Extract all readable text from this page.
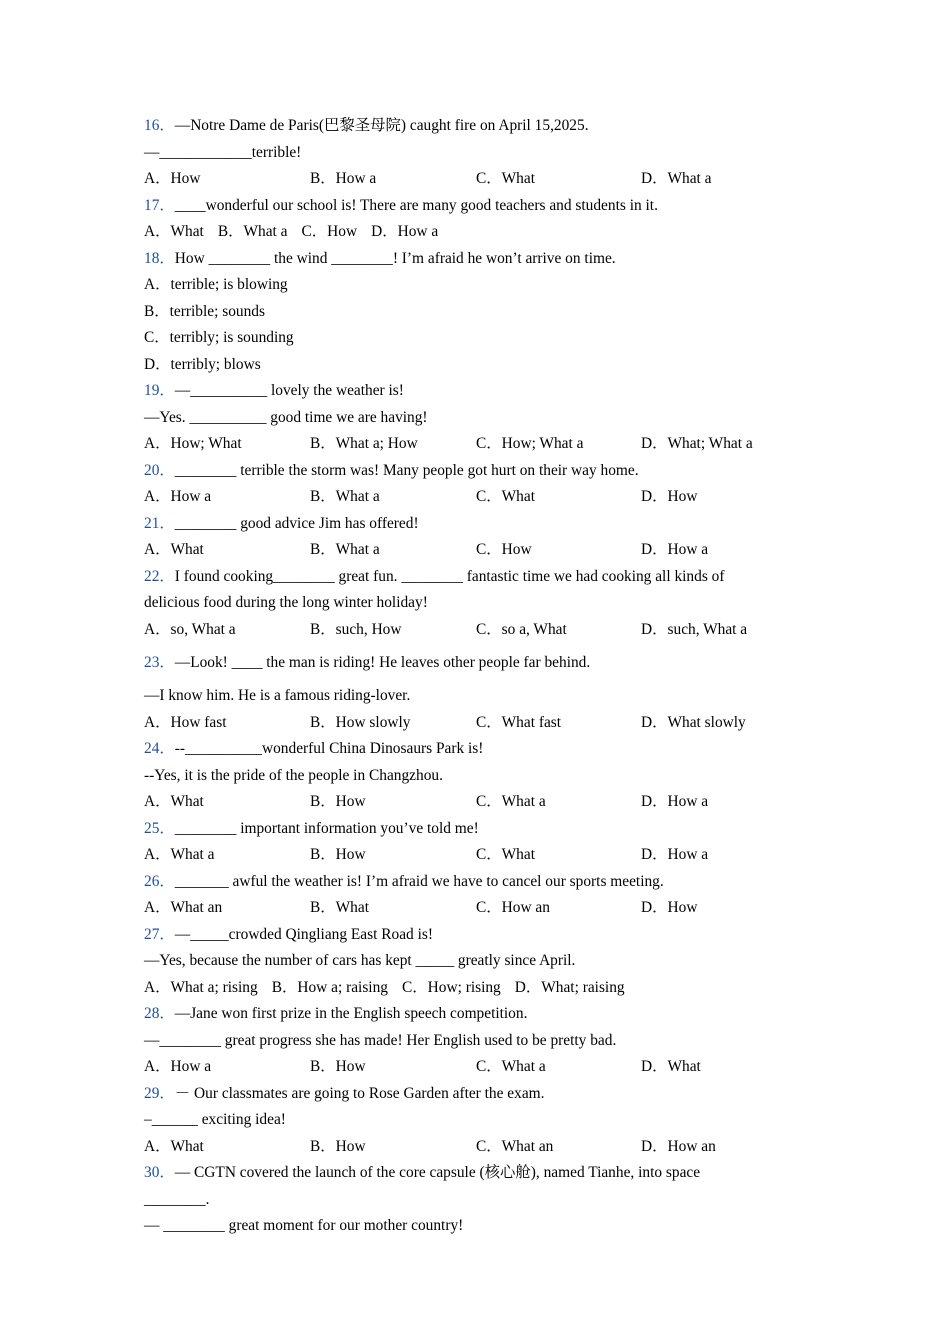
16．—Notre Dame de Paris(巴黎圣母院) caught fire on April 15,2025.
—____________terrible!
A．How	B．How a	C．What	D．What a
17．____wonderful our school is! There are many good teachers and students in it.
A．What B．What a C．How D．How a
18．How ________ the wind ________! I’m afraid he won’t arrive on time.
A．terrible; is blowing
B．terrible; sounds
C．terribly; is sounding
D．terribly; blows
19．—__________ lovely the weather is!
—Yes. __________ good time we are having!
A．How; What	B．What a; How	C．How; What a	D．What; What a
20．________ terrible the storm was! Many people got hurt on their way home.
A．How a	B．What a	C．What	D．How
21．________ good advice Jim has offered!
A．What	B．What a	C．How	D．How a
22．I found cooking________ great fun. ________ fantastic time we had cooking all kinds of
delicious food during the long winter holiday!
A．so, What a	B．such, How	C．so a, What	D．such, What a
23．—Look! ____ the man is riding! He leaves other people far behind.
—I know him. He is a famous riding-lover.
A．How fast	B．How slowly	C．What fast	D．What slowly
24．--__________wonderful China Dinosaurs Park is!
--Yes, it is the pride of the people in Changzhou.
A．What	B．How	C．What a	D．How a
25．________ important information you’ve told me!
A．What a	B．How	C．What	D．How a
26．_______ awful the weather is! I’m afraid we have to cancel our sports meeting.
A．What an	B．What	C．How an	D．How
27．—_____crowded Qingliang East Road is!
—Yes, because the number of cars has kept _____ greatly since April.
A．What a; rising B．How a; raising C．How; rising D．What; raising
28．—Jane won first prize in the English speech competition.
—________ great progress she has made! Her English used to be pretty bad.
A．How a	B．How	C．What a	D．What
29．－ Our classmates are going to Rose Garden after the exam.
–______ exciting idea!
A．What	B．How	C．What an	D．How an
30．— CGTN covered the launch of the core capsule (核心舱), named Tianhe, into space
________.
— ________ great moment for our mother country!
